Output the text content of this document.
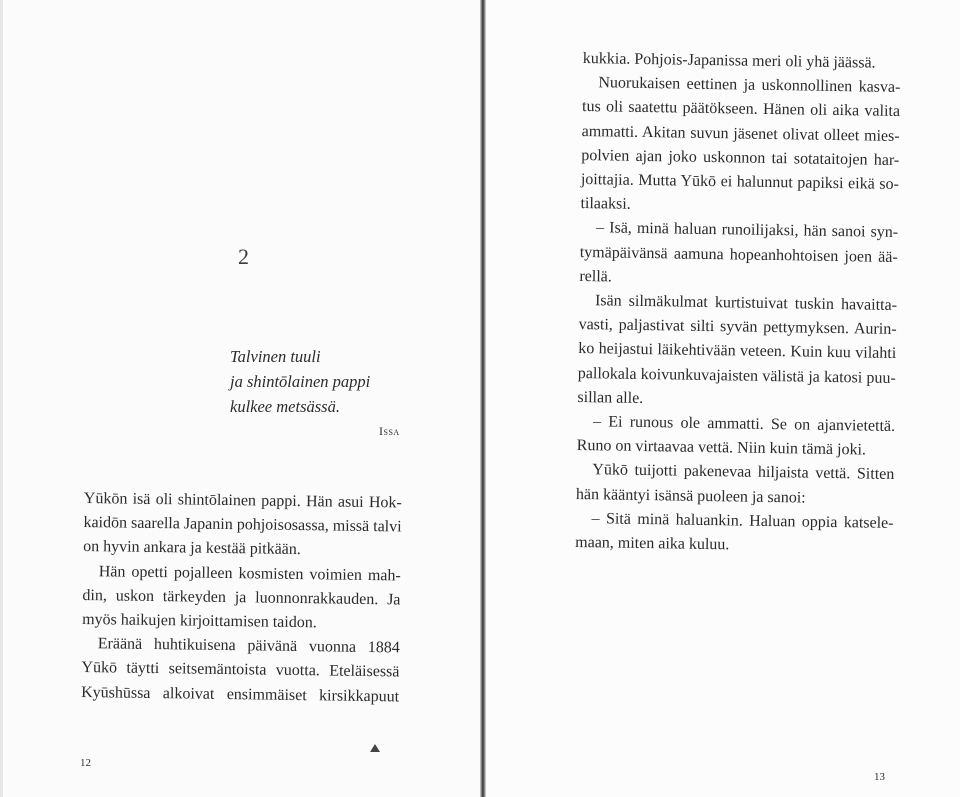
2
Talvinen tuuli
ja shintōlainen pappi
kulkee metsässä.
Issa

Yūkōn isä oli shintōlainen pappi. Hän asui Hok-
kaidōn saarella Japanin pohjoisosassa, missä talvi
on hyvin ankara ja kestää pitkään.

Hän opetti pojalleen kosmisten voimien mah-
din, uskon tärkeyden ja luonnonrakkauden. Ja
myös haikujen kirjoittamisen taidon.

Eräänä huhtikuisena päivänä vuonna 1884
Yūkō täytti seitsemäntoista vuotta. Eteläisessä
Kyūshūssa alkoivat ensimmäiset kirsikkapuut

12

kukkia. Pohjois-Japanissa meri oli yhä jäässä.

Nuorukaisen eettinen ja uskonnollinen kasva-
tus oli saatettu päätökseen. Hänen oli aika valita
ammatti. Akitan suvun jäsenet olivat olleet mies-
polvien ajan joko uskonnon tai sotataitojen har-
joittajia. Mutta Yūkō ei halunnut papiksi eikä so-
tilaaksi.

– Isä, minä haluan runoilijaksi, hän sanoi syn-
tymäpäivänsä aamuna hopeanhohtoisen joen ää-
rellä.

Isän silmäkulmat kurtistuivat tuskin havaitta-
vasti, paljastivat silti syvän pettymyksen. Aurin-
ko heijastui läikehtivään veteen. Kuin kuu vilahti
pallokala koivunkuvajaisten välistä ja katosi puu-
sillan alle.

– Ei runous ole ammatti. Se on ajanvietettä.
Runo on virtaavaa vettä. Niin kuin tämä joki.

Yūkō tuijotti pakenevaa hiljaista vettä. Sitten
hän kääntyi isänsä puoleen ja sanoi:

– Sitä minä haluankin. Haluan oppia katsele-
maan, miten aika kuluu.

13
